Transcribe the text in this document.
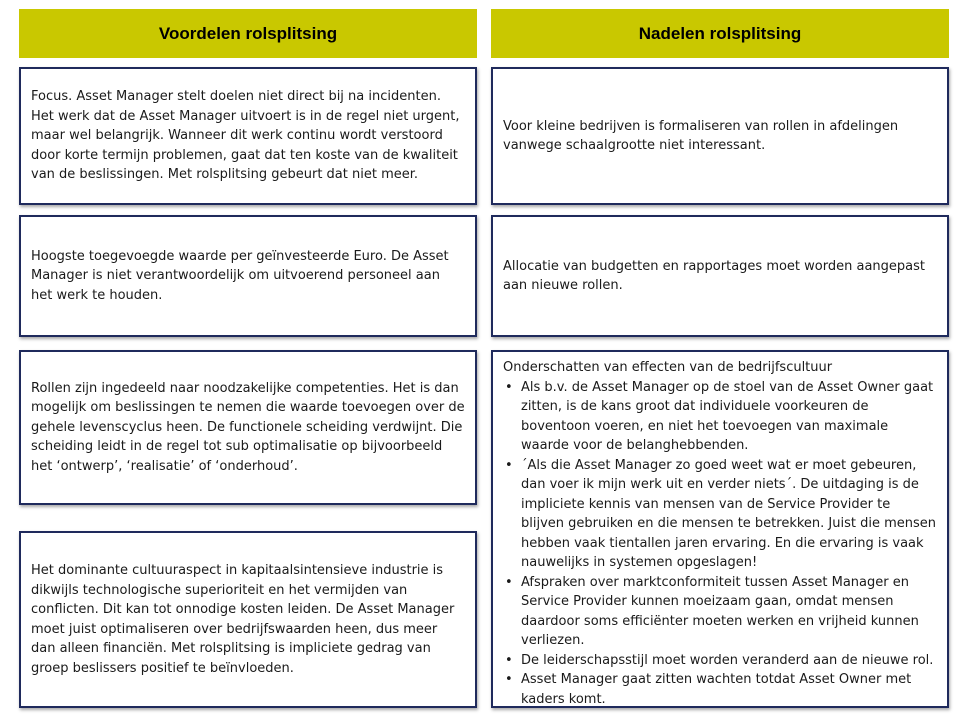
Voordelen rolsplitsing	Nadelen rolsplitsing

Focus. Asset Manager stelt doelen niet direct bij na incidenten. Het werk dat de Asset Manager uitvoert is in de regel niet urgent, maar wel belangrijk. Wanneer dit werk continu wordt verstoord door korte termijn problemen, gaat dat ten koste van de kwaliteit van de beslissingen. Met rolsplitsing gebeurt dat niet meer.

Hoogste toegevoegde waarde per geïnvesteerde Euro. De Asset Manager is niet verantwoordelijk om uitvoerend personeel aan het werk te houden.

Rollen zijn ingedeeld naar noodzakelijke competenties. Het is dan mogelijk om beslissingen te nemen die waarde toevoegen over de gehele levenscyclus heen. De functionele scheiding verdwijnt. Die scheiding leidt in de regel tot sub optimalisatie op bijvoorbeeld het ‘ontwerp’, ‘realisatie’ of ‘onderhoud’.

Het dominante cultuuraspect in kapitaalsintensieve industrie is dikwijls technologische superioriteit en het vermijden van conflicten. Dit kan tot onnodige kosten leiden. De Asset Manager moet juist optimaliseren over bedrijfswaarden heen, dus meer dan alleen financiën. Met rolsplitsing is impliciete gedrag van groep beslissers positief te beïnvloeden.

Voor kleine bedrijven is formaliseren van rollen in afdelingen vanwege schaalgrootte niet interessant.

Allocatie van budgetten en rapportages moet worden aangepast aan nieuwe rollen.

Onderschatten van effecten van de bedrijfscultuur

• Als b.v. de Asset Manager op de stoel van de Asset Owner gaat zitten, is de kans groot dat individuele voorkeuren de boventoon voeren, en niet het toevoegen van maximale waarde voor de belanghebbenden.
• ´Als die Asset Manager zo goed weet wat er moet gebeuren, dan voer ik mijn werk uit en verder niets´. De uitdaging is de impliciete kennis van mensen van de Service Provider te blijven gebruiken en die mensen te betrekken. Juist die mensen hebben vaak tientallen jaren ervaring. En die ervaring is vaak nauwelijks in systemen opgeslagen!
• Afspraken over marktconformiteit tussen Asset Manager en Service Provider kunnen moeizaam gaan, omdat mensen daardoor soms efficiënter moeten werken en vrijheid kunnen verliezen.
• De leiderschapsstijl moet worden veranderd aan de nieuwe rol.
• Asset Manager gaat zitten wachten totdat Asset Owner met kaders komt.
